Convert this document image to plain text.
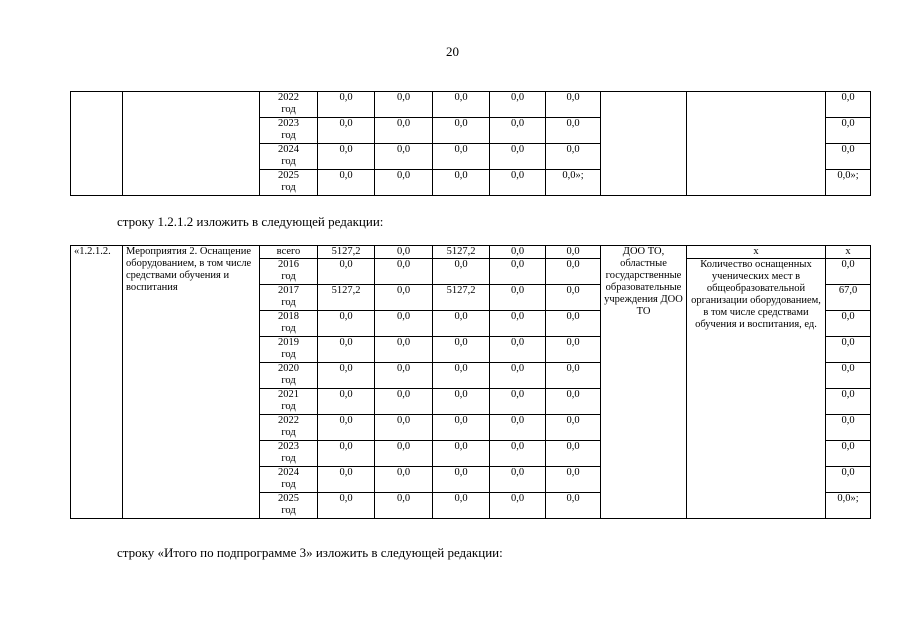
20

		2022
год	0,0	0,0	0,0	0,0	0,0			0,0

		2023
год	0,0	0,0	0,0	0,0	0,0			0,0

		2024
год	0,0	0,0	0,0	0,0	0,0			0,0

		2025
год	0,0	0,0	0,0	0,0	0,0»;			0,0»;
строку 1.2.1.2 изложить в следующей редакции:
«1.2.1.2.	Мероприятия 2. Оснащение оборудованием, в том числе средствами обучения и воспитания	всего	5127,2	0,0	5127,2	0,0	0,0	ДОО ТО, областные государственные образовательные учреждения ДОО ТО	х	х

		2016
год	0,0	0,0	0,0	0,0	0,0		Количество оснащенных ученических мест в общеобразовательной организации оборудованием, в том числе средствами обучения и воспитания, ед.	0,0

		2017
год	5127,2	0,0	5127,2	0,0	0,0			67,0

		2018
год	0,0	0,0	0,0	0,0	0,0			0,0

		2019
год	0,0	0,0	0,0	0,0	0,0			0,0

		2020
год	0,0	0,0	0,0	0,0	0,0			0,0

		2021
год	0,0	0,0	0,0	0,0	0,0			0,0

		2022
год	0,0	0,0	0,0	0,0	0,0			0,0

		2023
год	0,0	0,0	0,0	0,0	0,0			0,0

		2024
год	0,0	0,0	0,0	0,0	0,0			0,0

		2025
год	0,0	0,0	0,0	0,0	0,0			0,0»;
строку «Итого по подпрограмме 3» изложить в следующей редакции:
